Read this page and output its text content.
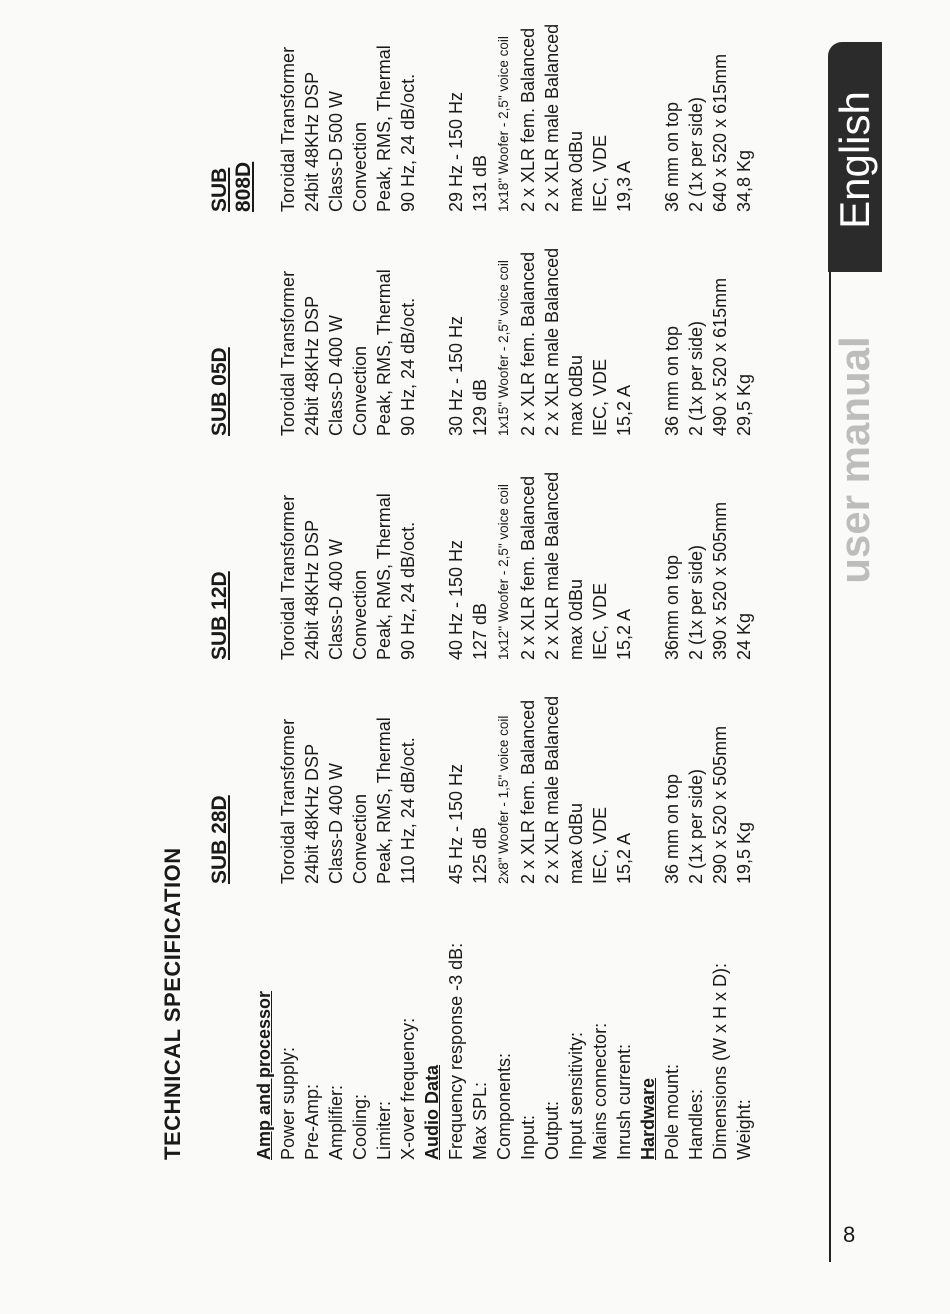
English
user manual
8
TECHNICAL SPECIFICATION
SUB 28D
SUB 12D
SUB 05D
SUB 808D
Amp and processor Power supply:
Toroidal Transformer
Toroidal Transformer
Toroidal Transformer
Toroidal Transformer
Pre-Amp:
24bit 48KHz DSP
24bit 48KHz DSP
24bit 48KHz DSP
24bit 48KHz DSP
Amplifier:
Class-D 400 W
Class-D 400 W
Class-D 400 W
Class-D 500 W
Cooling:
Convection
Convection
Convection
Convection
Limiter:
Peak, RMS, Thermal
Peak, RMS, Thermal
Peak, RMS, Thermal
Peak, RMS, Thermal
X-over frequency:
110 Hz, 24 dB/oct.
90 Hz, 24 dB/oct.
90 Hz, 24 dB/oct.
90 Hz, 24 dB/oct.
Audio Data Frequency response -3 dB:
45 Hz - 150 Hz
40 Hz - 150 Hz
30 Hz - 150 Hz
29 Hz - 150 Hz
Max SPL:
125 dB
127 dB
129 dB
131 dB
Components:
2x8" Woofer - 1,5" voice coil
1x12" Woofer - 2,5" voice coil
1x15" Woofer - 2,5" voice coil
1x18" Woofer - 2,5" voice coil
Input:
2 x XLR fem. Balanced
2 x XLR fem. Balanced
2 x XLR fem. Balanced
2 x XLR fem. Balanced
Output:
2 x XLR male Balanced
2 x XLR male Balanced
2 x XLR male Balanced
2 x XLR male Balanced
Input sensitivity:
max 0dBu
max 0dBu
max 0dBu
max 0dBu
Mains connector:
IEC, VDE
IEC, VDE
IEC, VDE
IEC, VDE
Inrush current:
15,2 A
15,2 A
15,2 A
19,3 A
Hardware Pole mount:
36 mm on top
36mm on top
36 mm on top
36 mm on top
Handles:
2 (1x per side)
2 (1x per side)
2 (1x per side)
2 (1x per side)
Dimensions (W x H x D):
290 x 520 x 505mm
390 x 520 x 505mm
490 x 520 x 615mm
640 x 520 x 615mm
Weight:
19,5 Kg
24 Kg
29,5 Kg
34,8 Kg
